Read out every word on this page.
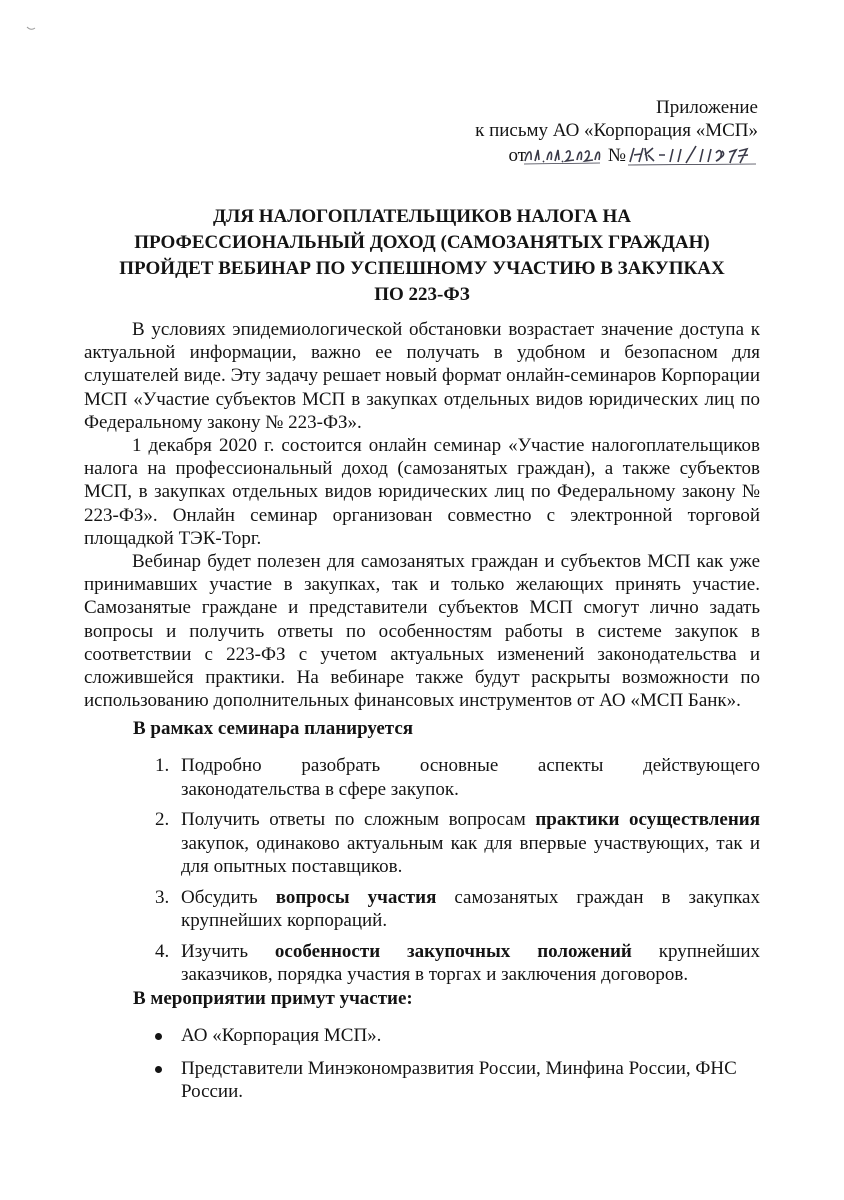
Приложение
к письму АО «Корпорация «МСП»
от	№
ДЛЯ НАЛОГОПЛАТЕЛЬЩИКОВ НАЛОГА НА
ПРОФЕССИОНАЛЬНЫЙ ДОХОД (САМОЗАНЯТЫХ ГРАЖДАН)
ПРОЙДЕТ ВЕБИНАР ПО УСПЕШНОМУ УЧАСТИЮ В ЗАКУПКАХ
ПО 223-ФЗ

В условиях эпидемиологической обстановки возрастает значение доступа к актуальной информации, важно ее получать в удобном и безопасном для слушателей виде. Эту задачу решает новый формат онлайн-семинаров Корпорации МСП «Участие субъектов МСП в закупках отдельных видов юридических лиц по Федеральному закону № 223-ФЗ».

1 декабря 2020 г. состоится онлайн семинар «Участие налогоплательщиков налога на профессиональный доход (самозанятых граждан), а также субъектов МСП, в закупках отдельных видов юридических лиц по Федеральному закону № 223-ФЗ». Онлайн семинар организован совместно с электронной торговой площадкой ТЭК-Торг.

Вебинар будет полезен для самозанятых граждан и субъектов МСП как уже принимавших участие в закупках, так и только желающих принять участие. Самозанятые граждане и представители субъектов МСП смогут лично задать вопросы и получить ответы по особенностям работы в системе закупок в соответствии с 223-ФЗ с учетом актуальных изменений законодательства и сложившейся практики. На вебинаре также будут раскрыты возможности по использованию дополнительных финансовых инструментов от АО «МСП Банк».

В рамках семинара планируется
1. Подробно разобрать основные аспекты действующего законодательства в сфере закупок.
2. Получить ответы по сложным вопросам практики осуществления закупок, одинаково актуальным как для впервые участвующих, так и для опытных поставщиков.
3. Обсудить вопросы участия самозанятых граждан в закупках крупнейших корпораций.
4. Изучить особенности закупочных положений крупнейших заказчиков, порядка участия в торгах и заключения договоров.
В мероприятии примут участие:
АО «Корпорация МСП».
Представители Минэкономразвития России, Минфина России, ФНС России.
